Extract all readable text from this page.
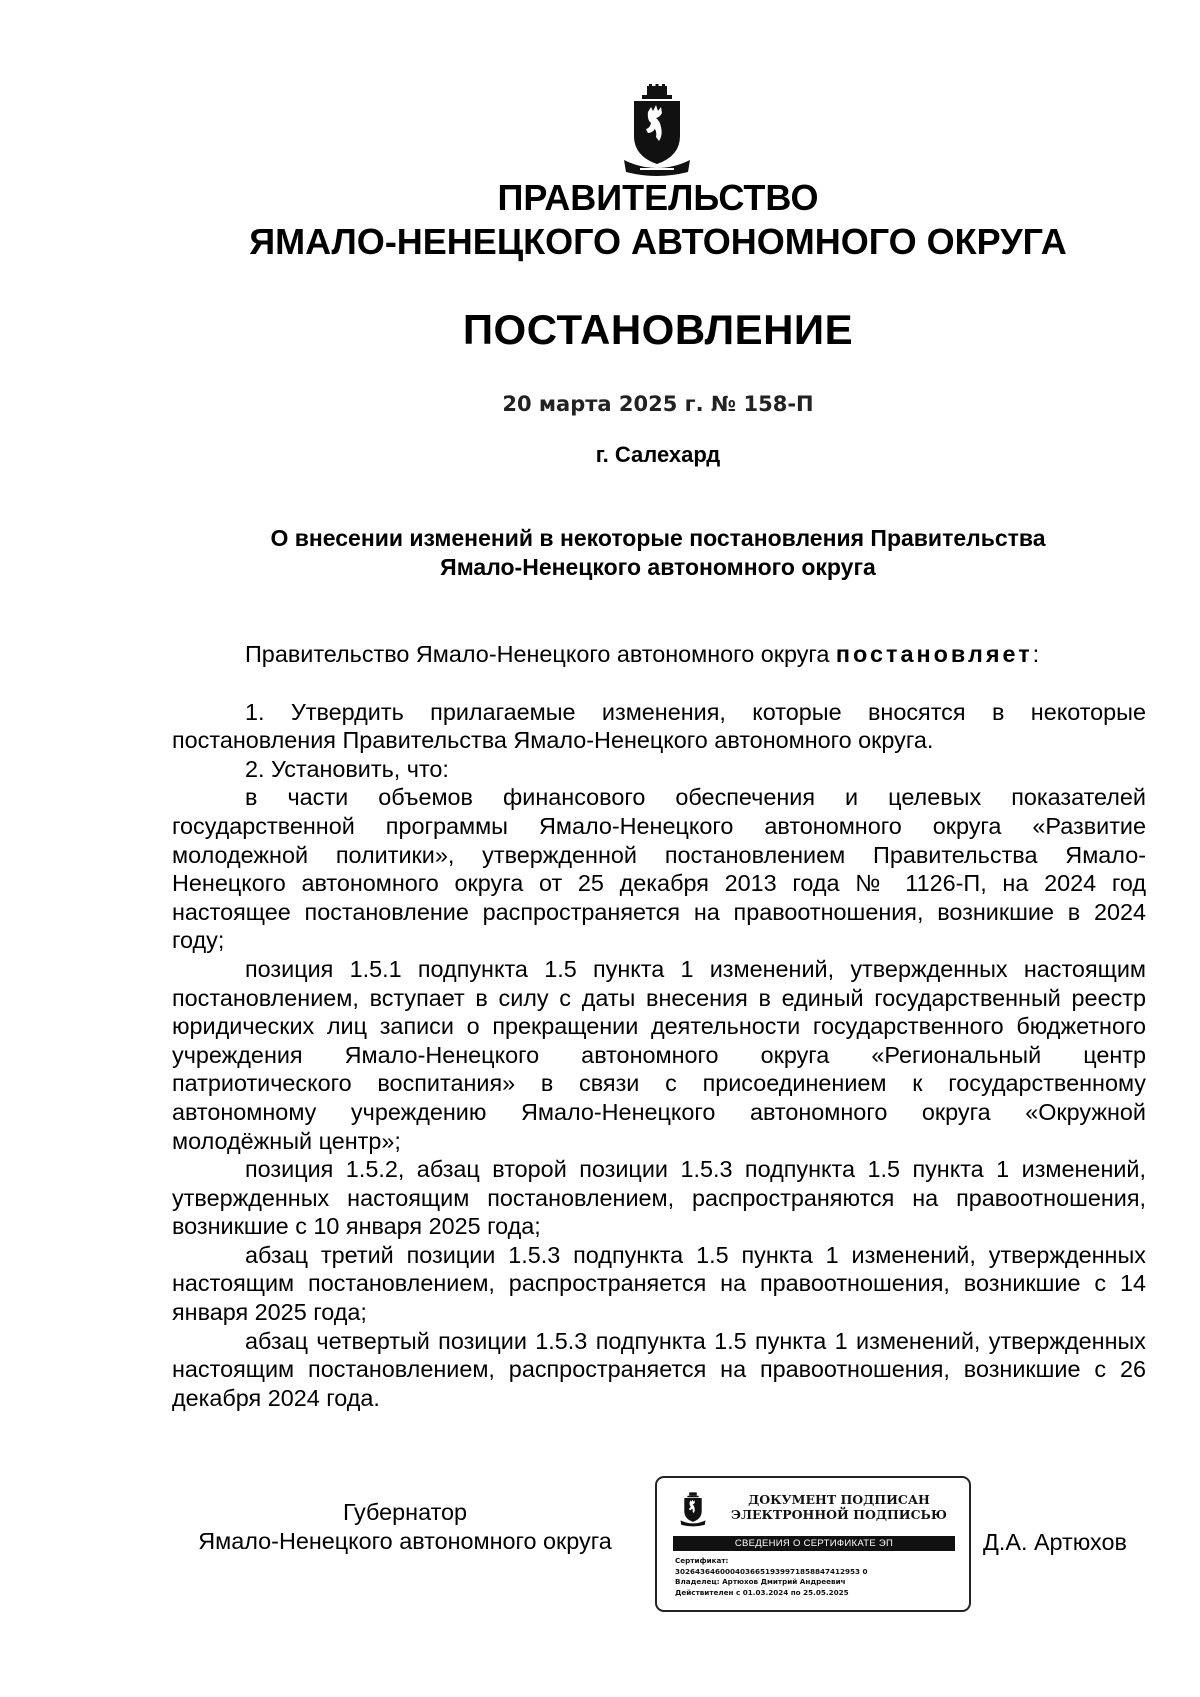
ПРАВИТЕЛЬСТВО
ЯМАЛО-НЕНЕЦКОГО АВТОНОМНОГО ОКРУГА
ПОСТАНОВЛЕНИЕ
20 марта 2025 г. № 158-П
г. Салехард
О внесении изменений в некоторые постановления Правительства
Ямало-Ненецкого автономного округа

Правительство Ямало-Ненецкого автономного округа постановляет:

1. Утвердить прилагаемые изменения, которые вносятся в некоторые постановления Правительства Ямало-Ненецкого автономного округа.

2. Установить, что:

в части объемов финансового обеспечения и целевых показателей государственной программы Ямало-Ненецкого автономного округа «Развитие молодежной политики», утвержденной постановлением Правительства Ямало-Ненецкого автономного округа от 25 декабря 2013 года № 1126-П, на 2024 год настоящее постановление распространяется на правоотношения, возникшие в 2024 году;

позиция 1.5.1 подпункта 1.5 пункта 1 изменений, утвержденных настоящим постановлением, вступает в силу с даты внесения в единый государственный реестр юридических лиц записи о прекращении деятельности государственного бюджетного учреждения Ямало-Ненецкого автономного округа «Региональный центр патриотического воспитания» в связи с присоединением к государственному автономному учреждению Ямало-Ненецкого автономного округа «Окружной молодёжный центр»;

позиция 1.5.2, абзац второй позиции 1.5.3 подпункта 1.5 пункта 1 изменений, утвержденных настоящим постановлением, распространяются на правоотношения, возникшие с 10 января 2025 года;

абзац третий позиции 1.5.3 подпункта 1.5 пункта 1 изменений, утвержденных настоящим постановлением, распространяется на правоотношения, возникшие с 14 января 2025 года;

абзац четвертый позиции 1.5.3 подпункта 1.5 пункта 1 изменений, утвержденных настоящим постановлением, распространяется на правоотношения, возникшие с 26 декабря 2024 года.

Губернатор
Ямало-Ненецкого автономного округа
ДОКУМЕНТ ПОДПИСАН
ЭЛЕКТРОННОЙ ПОДПИСЬЮ
СВЕДЕНИЯ О СЕРТИФИКАТЕ ЭП
Сертификат:
3026436460004036651939971858847412953 0
Владелец: Артюхов Дмитрий Андреевич
Действителен с 01.03.2024 по 25.05.2025
Д.А. Артюхов
